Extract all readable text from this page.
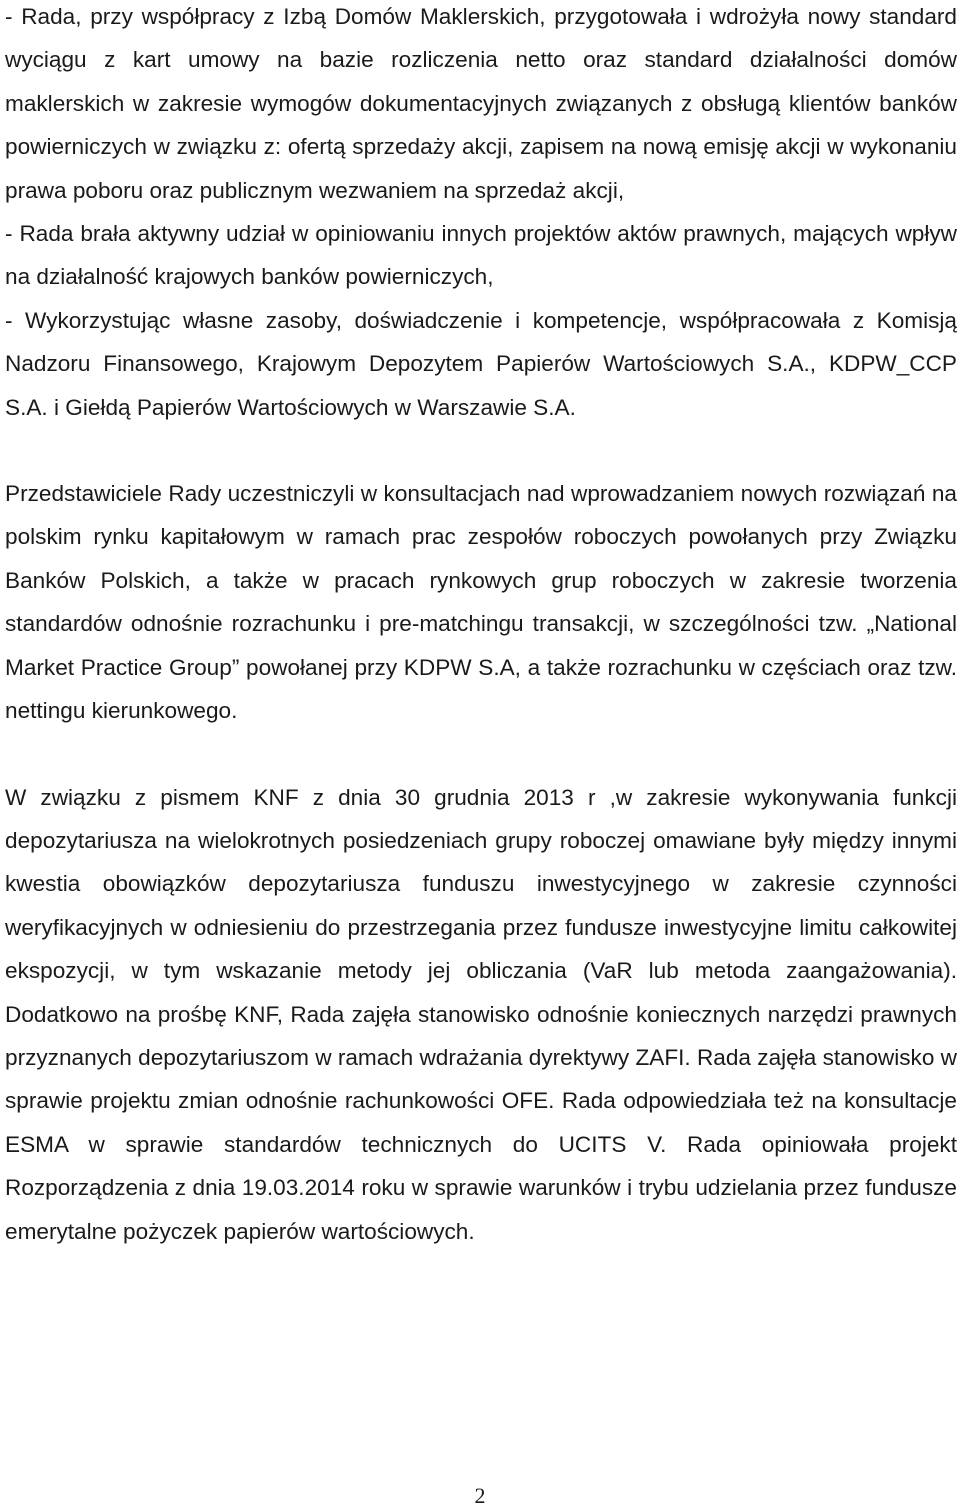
- Rada, przy współpracy z Izbą Domów Maklerskich, przygotowała i wdrożyła nowy standard wyciągu z kart umowy na bazie rozliczenia netto oraz standard działalności domów maklerskich w zakresie wymogów dokumentacyjnych związanych z obsługą klientów banków powierniczych w związku z: ofertą sprzedaży akcji, zapisem na nową emisję akcji w wykonaniu prawa poboru oraz publicznym wezwaniem na sprzedaż akcji,

- Rada brała aktywny udział w opiniowaniu innych projektów aktów prawnych, mających wpływ na działalność krajowych banków powierniczych,

- Wykorzystując własne zasoby, doświadczenie i kompetencje, współpracowała z Komisją Nadzoru Finansowego, Krajowym Depozytem Papierów Wartościowych S.A., KDPW_CCP S.A. i Giełdą Papierów Wartościowych w Warszawie S.A.

Przedstawiciele Rady uczestniczyli w konsultacjach nad wprowadzaniem nowych rozwiązań na polskim rynku kapitałowym w ramach prac zespołów roboczych powołanych przy Związku Banków Polskich, a także w pracach rynkowych grup roboczych w zakresie tworzenia standardów odnośnie rozrachunku i pre-matchingu transakcji, w szczególności tzw. „National Market Practice Group” powołanej przy KDPW S.A, a także rozrachunku w częściach oraz tzw. nettingu kierunkowego.

W związku z pismem KNF z dnia 30 grudnia 2013 r ,w zakresie wykonywania funkcji depozytariusza na wielokrotnych posiedzeniach grupy roboczej omawiane były między innymi kwestia obowiązków depozytariusza funduszu inwestycyjnego w zakresie czynności weryfikacyjnych w odniesieniu do przestrzegania przez fundusze inwestycyjne limitu całkowitej ekspozycji, w tym wskazanie metody jej obliczania (VaR lub metoda zaangażowania). Dodatkowo na prośbę KNF, Rada zajęła stanowisko odnośnie koniecznych narzędzi prawnych przyznanych depozytariuszom w ramach wdrażania dyrektywy ZAFI. Rada zajęła stanowisko w sprawie projektu zmian odnośnie rachunkowości OFE. Rada odpowiedziała też na konsultacje ESMA w sprawie standardów technicznych do UCITS V. Rada opiniowała projekt Rozporządzenia z dnia 19.03.2014 roku w sprawie warunków i trybu udzielania przez fundusze emerytalne pożyczek papierów wartościowych.

2
